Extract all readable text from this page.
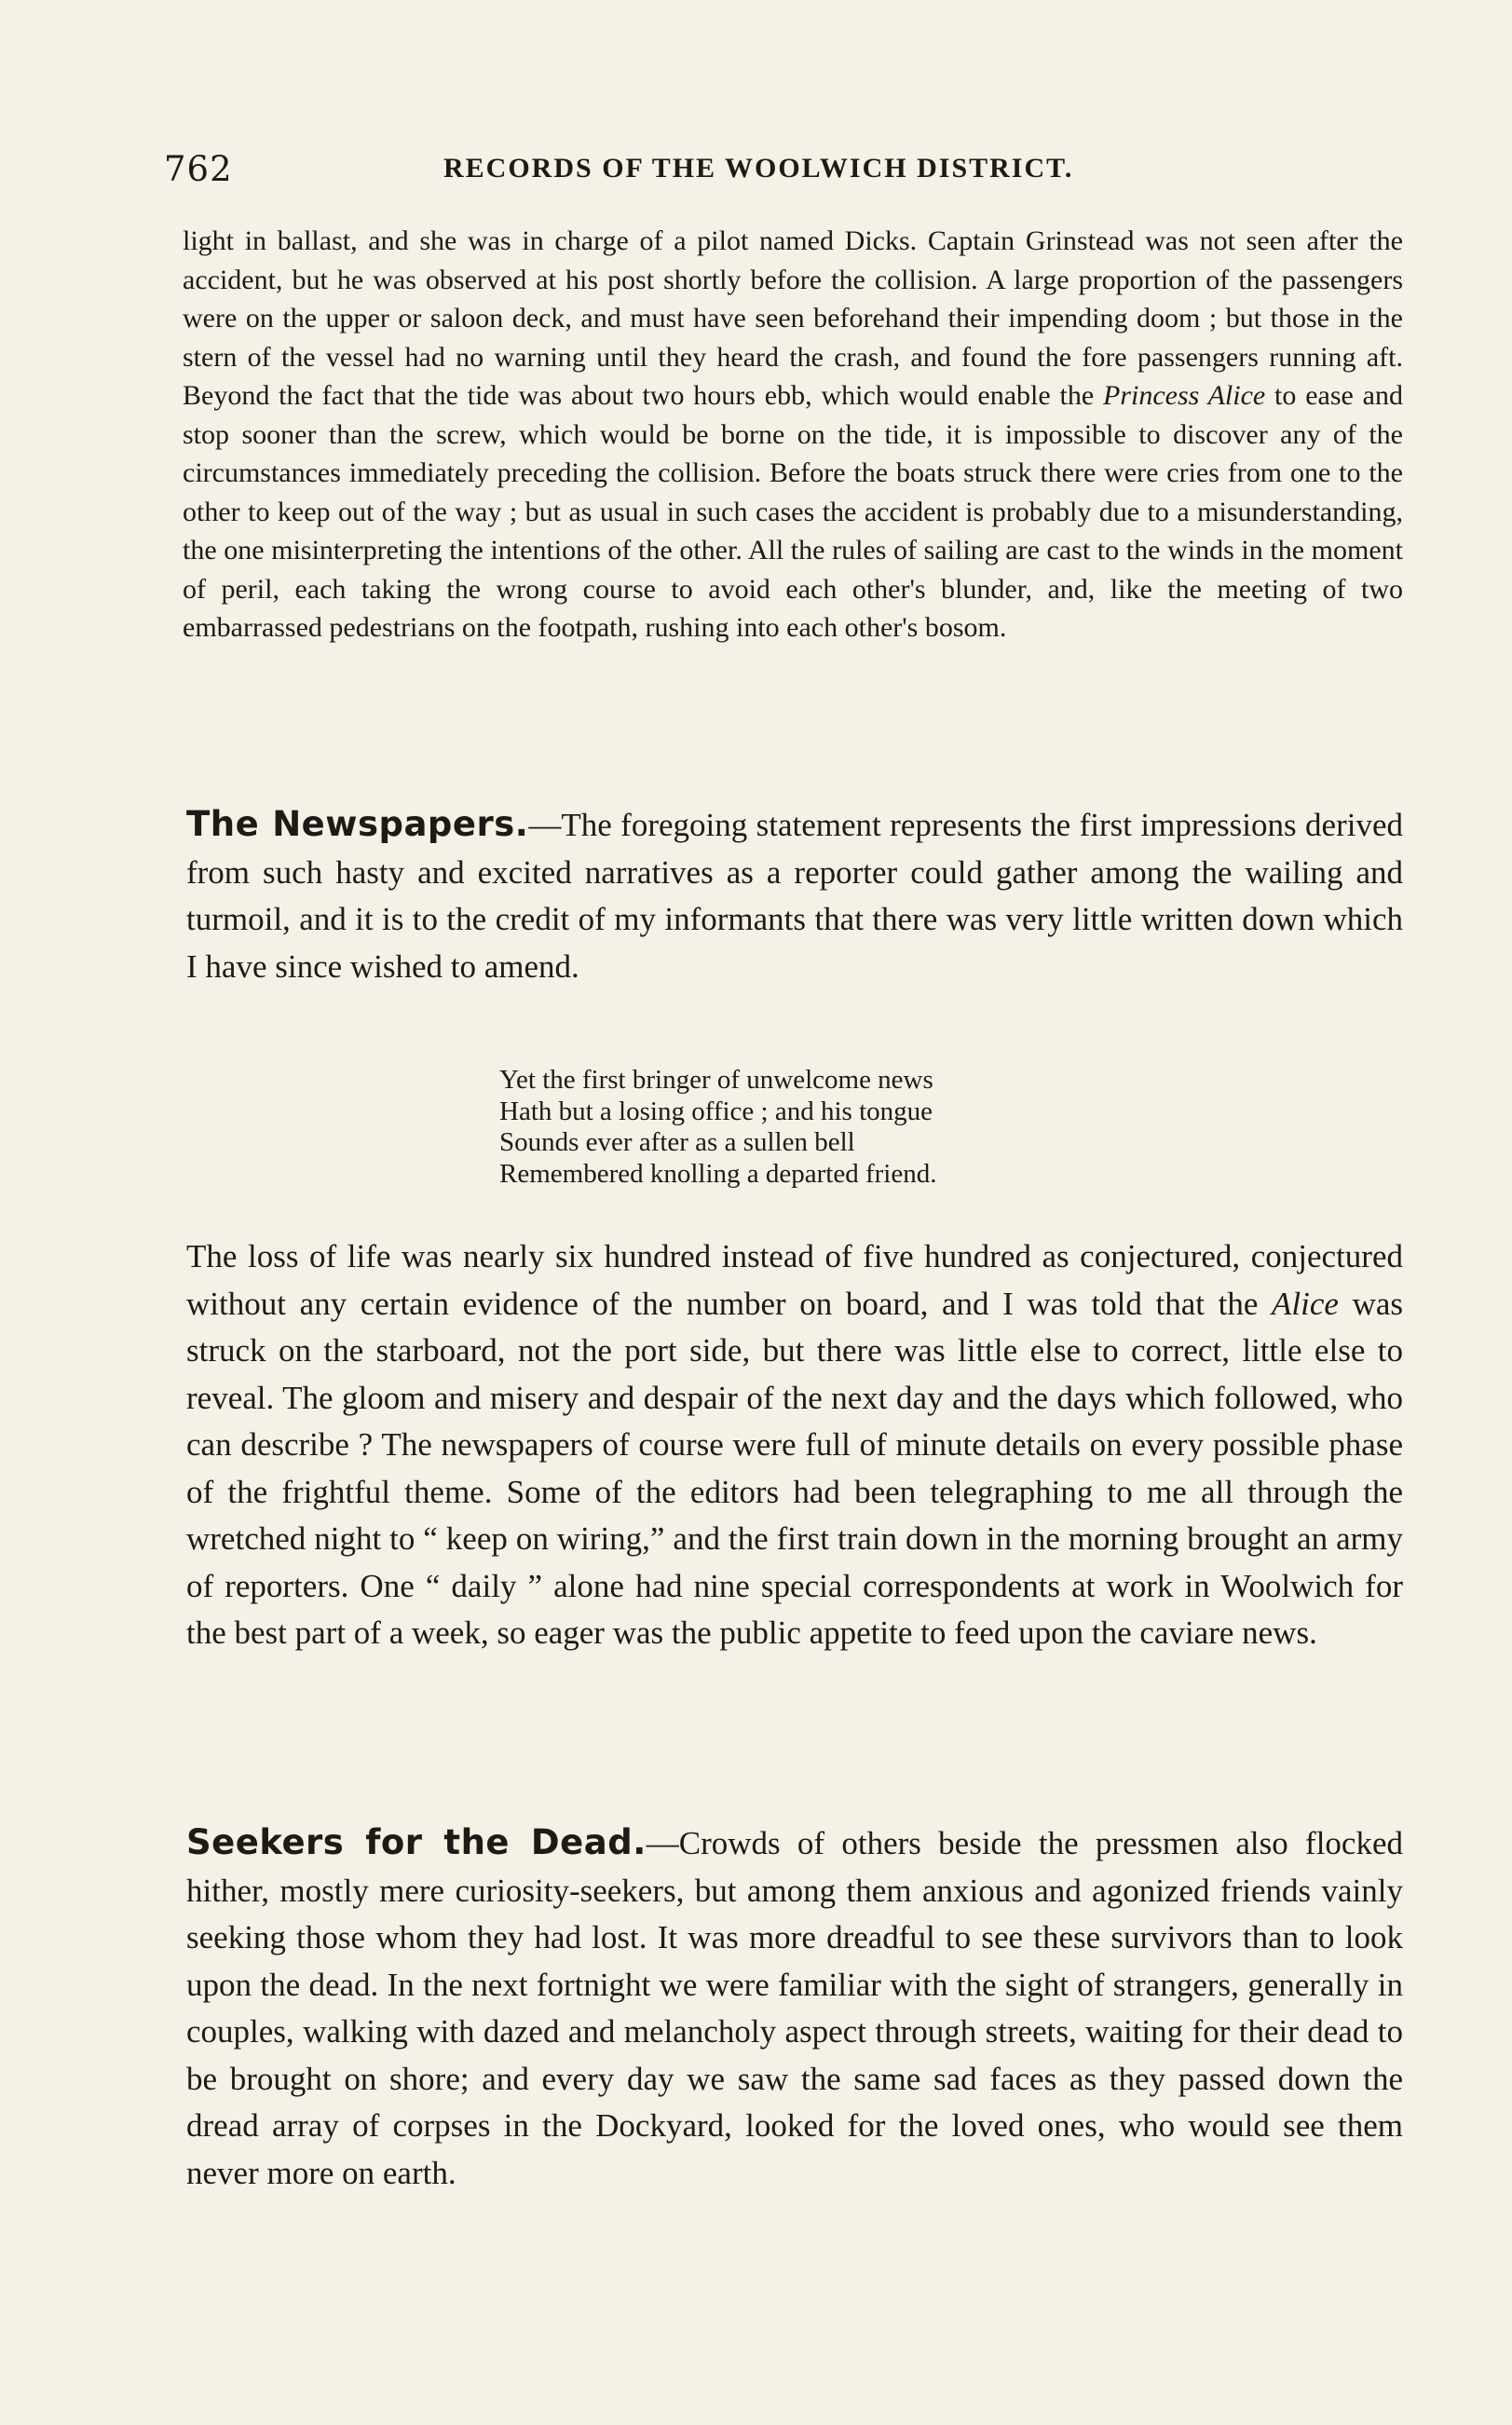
762	RECORDS OF THE WOOLWICH DISTRICT.

light in ballast, and she was in charge of a pilot named Dicks. Captain Grinstead was not seen after the accident, but he was observed at his post shortly before the collision. A large proportion of the passengers were on the upper or saloon deck, and must have seen beforehand their impending doom ; but those in the stern of the vessel had no warning until they heard the crash, and found the fore passengers running aft. Beyond the fact that the tide was about two hours ebb, which would enable the Princess Alice to ease and stop sooner than the screw, which would be borne on the tide, it is impossible to discover any of the circumstances immediately preceding the collision. Before the boats struck there were cries from one to the other to keep out of the way ; but as usual in such cases the accident is probably due to a misunderstanding, the one misinterpreting the intentions of the other. All the rules of sailing are cast to the winds in the moment of peril, each taking the wrong course to avoid each other's blunder, and, like the meeting of two embarrassed pedestrians on the footpath, rushing into each other's bosom.

The Newspapers.—The foregoing statement represents the first impressions derived from such hasty and excited narratives as a reporter could gather among the wailing and turmoil, and it is to the credit of my informants that there was very little written down which I have since wished to amend.

Yet the first bringer of unwelcome news
Hath but a losing office ; and his tongue
Sounds ever after as a sullen bell
Remembered knolling a departed friend.

The loss of life was nearly six hundred instead of five hundred as conjectured, conjectured without any certain evidence of the number on board, and I was told that the Alice was struck on the starboard, not the port side, but there was little else to correct, little else to reveal. The gloom and misery and despair of the next day and the days which followed, who can describe ? The newspapers of course were full of minute details on every possible phase of the frightful theme. Some of the editors had been telegraphing to me all through the wretched night to “ keep on wiring,” and the first train down in the morning brought an army of reporters. One “ daily ” alone had nine special correspondents at work in Woolwich for the best part of a week, so eager was the public appetite to feed upon the caviare news.

Seekers for the Dead.—Crowds of others beside the pressmen also flocked hither, mostly mere curiosity-seekers, but among them anxious and agonized friends vainly seeking those whom they had lost. It was more dreadful to see these survivors than to look upon the dead. In the next fortnight we were familiar with the sight of strangers, generally in couples, walking with dazed and melancholy aspect through streets, waiting for their dead to be brought on shore; and every day we saw the same sad faces as they passed down the dread array of corpses in the Dockyard, looked for the loved ones, who would see them never more on earth.
